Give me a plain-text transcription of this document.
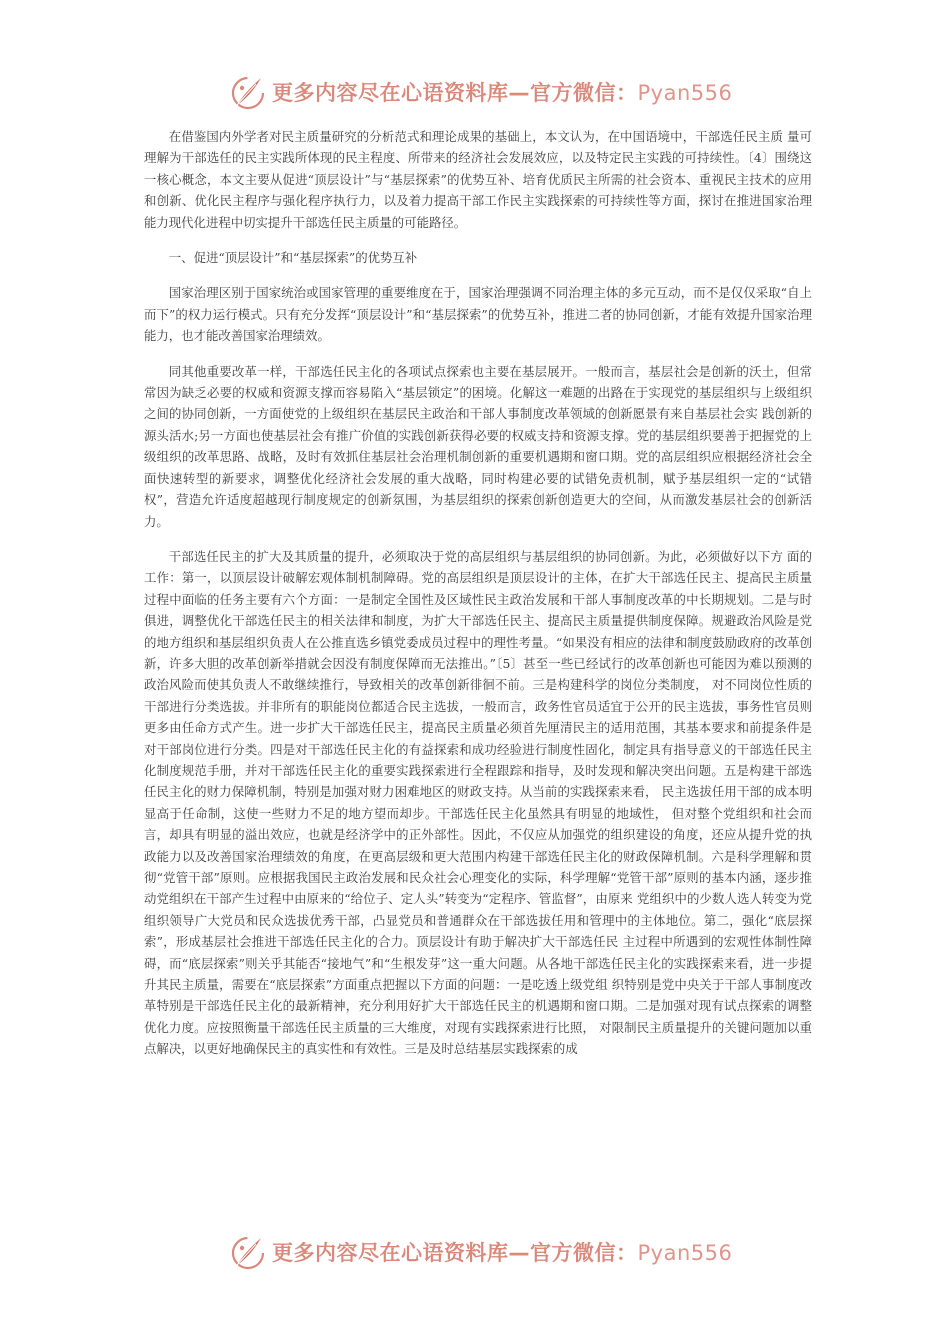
更多内容尽在心语资料库—官方微信：Pyan556

在借鉴国内外学者对民主质量研究的分析范式和理论成果的基础上，本文认为，在中国语境中，干部选任民主质 量可理解为干部选任的民主实践所体现的民主程度、所带来的经济社会发展效应，以及特定民主实践的可持续性。〔4〕围绕这一核心概念，本文主要从促进“顶层设计”与“基层探索”的优势互补、培育优质民主所需的社会资本、重视民主技术的应用和创新、优化民主程序与强化程序执行力，以及着力提高干部工作民主实践探索的可持续性等方面，探讨在推进国家治理能力现代化进程中切实提升干部选任民主质量的可能路径。

一、促进“顶层设计”和“基层探索”的优势互补

国家治理区别于国家统治或国家管理的重要维度在于，国家治理强调不同治理主体的多元互动，而不是仅仅采取“自上而下”的权力运行模式。只有充分发挥“顶层设计”和“基层探索”的优势互补，推进二者的协同创新，才能有效提升国家治理能力，也才能改善国家治理绩效。

同其他重要改革一样，干部选任民主化的各项试点探索也主要在基层展开。一般而言，基层社会是创新的沃土，但常常因为缺乏必要的权威和资源支撑而容易陷入“基层锁定”的困境。化解这一难题的出路在于实现党的基层组织与上级组织之间的协同创新，一方面使党的上级组织在基层民主政治和干部人事制度改革领域的创新愿景有来自基层社会实 践创新的源头活水;另一方面也使基层社会有推广价值的实践创新获得必要的权威支持和资源支撑。党的基层组织要善于把握党的上级组织的改革思路、战略，及时有效抓住基层社会治理机制创新的重要机遇期和窗口期。党的高层组织应根据经济社会全面快速转型的新要求，调整优化经济社会发展的重大战略，同时构建必要的试错免责机制，赋予基层组织一定的“试错权”，营造允许适度超越现行制度规定的创新氛围，为基层组织的探索创新创造更大的空间，从而激发基层社会的创新活力。

干部选任民主的扩大及其质量的提升，必须取决于党的高层组织与基层组织的协同创新。为此，必须做好以下方 面的工作：第一，以顶层设计破解宏观体制机制障碍。党的高层组织是顶层设计的主体，在扩大干部选任民主、提高民主质量过程中面临的任务主要有六个方面：一是制定全国性及区域性民主政治发展和干部人事制度改革的中长期规划。二是与时俱进，调整优化干部选任民主的相关法律和制度，为扩大干部选任民主、提高民主质量提供制度保障。规避政治风险是党的地方组织和基层组织负责人在公推直选乡镇党委成员过程中的理性考量。“如果没有相应的法律和制度鼓励政府的改革创新，许多大胆的改革创新举措就会因没有制度保障而无法推出。”〔5〕甚至一些已经试行的改革创新也可能因为难以预测的政治风险而使其负责人不敢继续推行，导致相关的改革创新徘徊不前。三是构建科学的岗位分类制度， 对不同岗位性质的干部进行分类选拔。并非所有的职能岗位都适合民主选拔，一般而言，政务性官员适宜于公开的民主选拔，事务性官员则更多由任命方式产生。进一步扩大干部选任民主，提高民主质量必须首先厘清民主的适用范围，其基本要求和前提条件是对干部岗位进行分类。四是对干部选任民主化的有益探索和成功经验进行制度性固化，制定具有指导意义的干部选任民主化制度规范手册，并对干部选任民主化的重要实践探索进行全程跟踪和指导，及时发现和解决突出问题。五是构建干部选任民主化的财力保障机制，特别是加强对财力困难地区的财政支持。从当前的实践探索来看， 民主选拔任用干部的成本明显高于任命制，这使一些财力不足的地方望而却步。干部选任民主化虽然具有明显的地域性， 但对整个党组织和社会而言，却具有明显的溢出效应，也就是经济学中的正外部性。因此，不仅应从加强党的组织建设的角度，还应从提升党的执政能力以及改善国家治理绩效的角度，在更高层级和更大范围内构建干部选任民主化的财政保障机制。六是科学理解和贯彻“党管干部”原则。应根据我国民主政治发展和民众社会心理变化的实际，科学理解“党管干部”原则的基本内涵，逐步推动党组织在干部产生过程中由原来的“给位子、定人头”转变为“定程序、管监督”，由原来 党组织中的少数人选人转变为党组织领导广大党员和民众选拔优秀干部，凸显党员和普通群众在干部选拔任用和管理中的主体地位。第二，强化“底层探索”，形成基层社会推进干部选任民主化的合力。顶层设计有助于解决扩大干部选任民 主过程中所遇到的宏观性体制性障碍，而“底层探索”则关乎其能否“接地气”和“生根发芽”这一重大问题。从各地干部选任民主化的实践探索来看，进一步提升其民主质量，需要在“底层探索”方面重点把握以下方面的问题：一是吃透上级党组 织特别是党中央关于干部人事制度改革特别是干部选任民主化的最新精神，充分利用好扩大干部选任民主的机遇期和窗口期。二是加强对现有试点探索的调整优化力度。应按照衡量干部选任民主质量的三大维度，对现有实践探索进行比照， 对限制民主质量提升的关键问题加以重点解决，以更好地确保民主的真实性和有效性。三是及时总结基层实践探索的成

更多内容尽在心语资料库—官方微信：Pyan556
